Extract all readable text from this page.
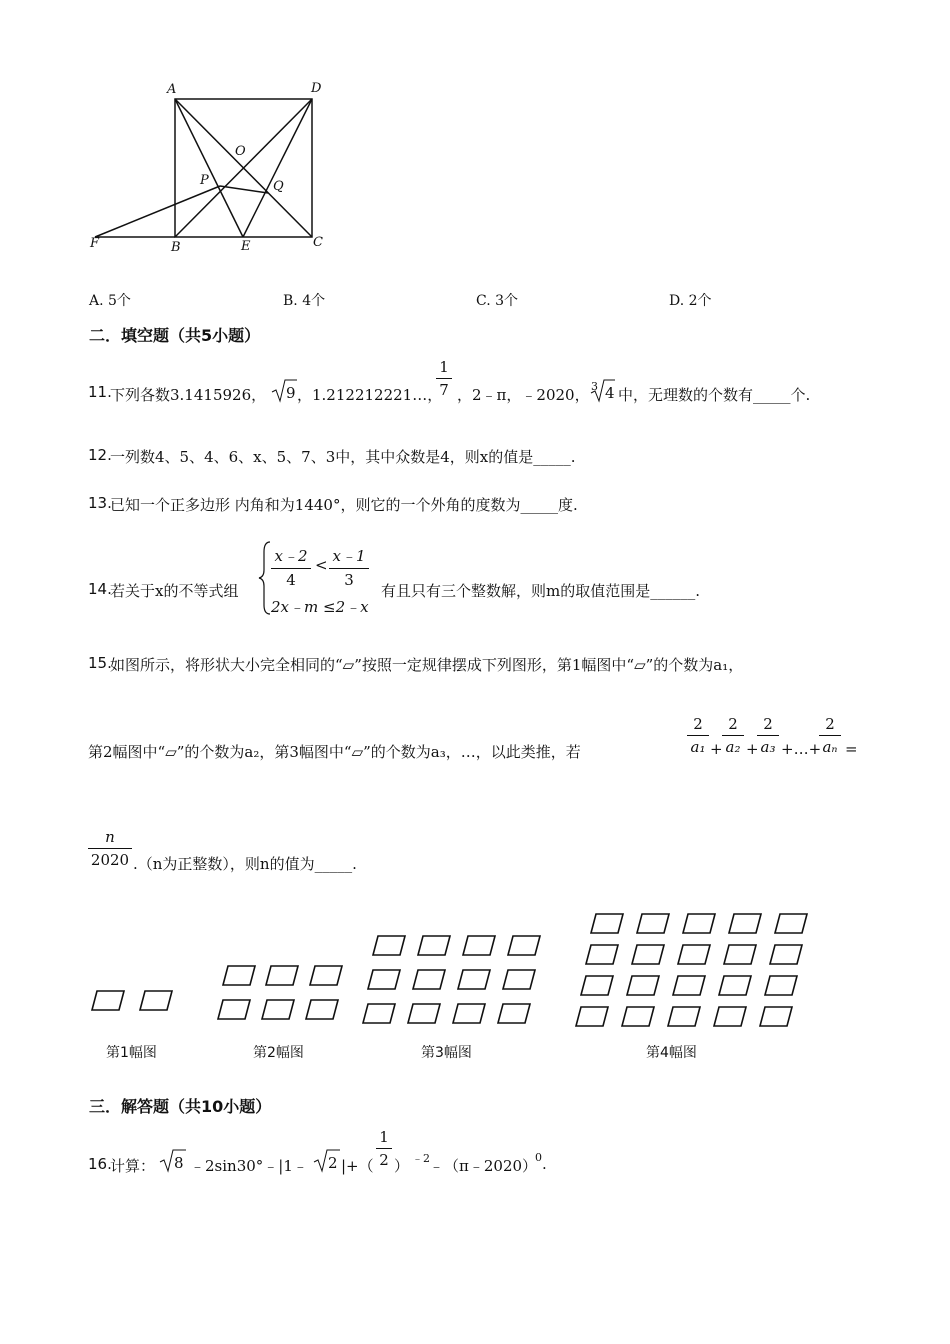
A	D
O
P	Q
F	B	E	C
A. 5个	B. 4个	C. 3个	D. 2个
二．填空题（共5小题）
11.
下列各数3.1415926， 9 ，1.212212221…，
1
7 ，2﹣π，﹣2020， 3 4 中，无理数的个数有_____个.
12.
一列数4、5、4、6、x、5、7、3中，其中众数是4，则x的值是_____.
13.
已知一个正多边形 内角和为1440°，则它的一个外角的度数为_____度.
14.
若关于x的不等式组
x﹣2
4
< x﹣1
3
2x﹣m ≤2﹣x
有且只有三个整数解，则m的取值范围是______.
15.
如图所示，将形状大小完全相同的“▱”按照一定规律摆成下列图形，第1幅图中“▱”的个数为a₁，
第2幅图中“▱”的个数为a₂，第3幅图中“▱”的个数为a₃，…，以此类推，若
2
a₁ +
2
a₂ +
2
a₃ +…+
2
aₙ =
n
2020 .（n为正整数），则n的值为_____.
第1幅图	第2幅图	第3幅图	第4幅图
三．解答题（共10小题）
16.
计算： 8 ﹣2sin30°﹣|1﹣ 2 |+（
1
2 ） ﹣2 ﹣（π﹣2020）
0 .
